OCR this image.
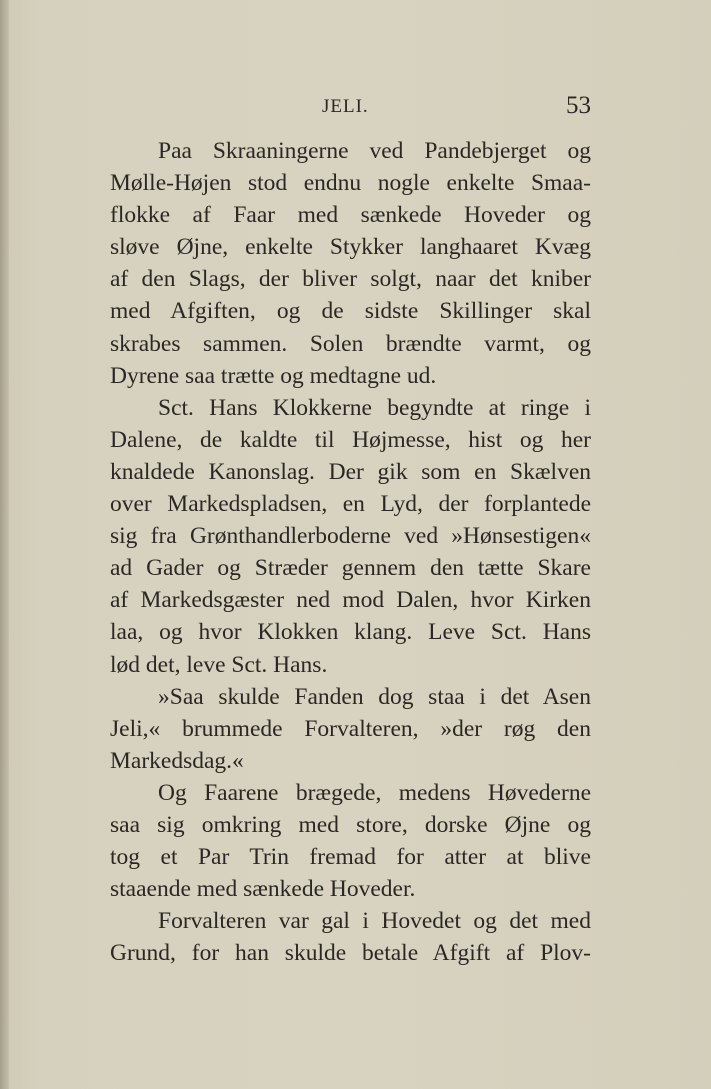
JELI.	53
Paa Skraaningerne ved Pandebjerget og
Mølle-Højen stod endnu nogle enkelte Smaa-
flokke af Faar med sænkede Hoveder og
sløve Øjne, enkelte Stykker langhaaret Kvæg
af den Slags, der bliver solgt, naar det kniber
med Afgiften, og de sidste Skillinger skal
skrabes sammen. Solen brændte varmt, og
Dyrene saa trætte og medtagne ud.
Sct. Hans Klokkerne begyndte at ringe i
Dalene, de kaldte til Højmesse, hist og her
knaldede Kanonslag. Der gik som en Skælven
over Markedspladsen, en Lyd, der forplantede
sig fra Grønthandlerboderne ved »Hønsestigen«
ad Gader og Stræder gennem den tætte Skare
af Markedsgæster ned mod Dalen, hvor Kirken
laa, og hvor Klokken klang. Leve Sct. Hans
lød det, leve Sct. Hans.
»Saa skulde Fanden dog staa i det Asen
Jeli,« brummede Forvalteren, »der røg den
Markedsdag.«
Og Faarene brægede, medens Høvederne
saa sig omkring med store, dorske Øjne og
tog et Par Trin fremad for atter at blive
staaende med sænkede Hoveder.
Forvalteren var gal i Hovedet og det med
Grund, for han skulde betale Afgift af Plov-
